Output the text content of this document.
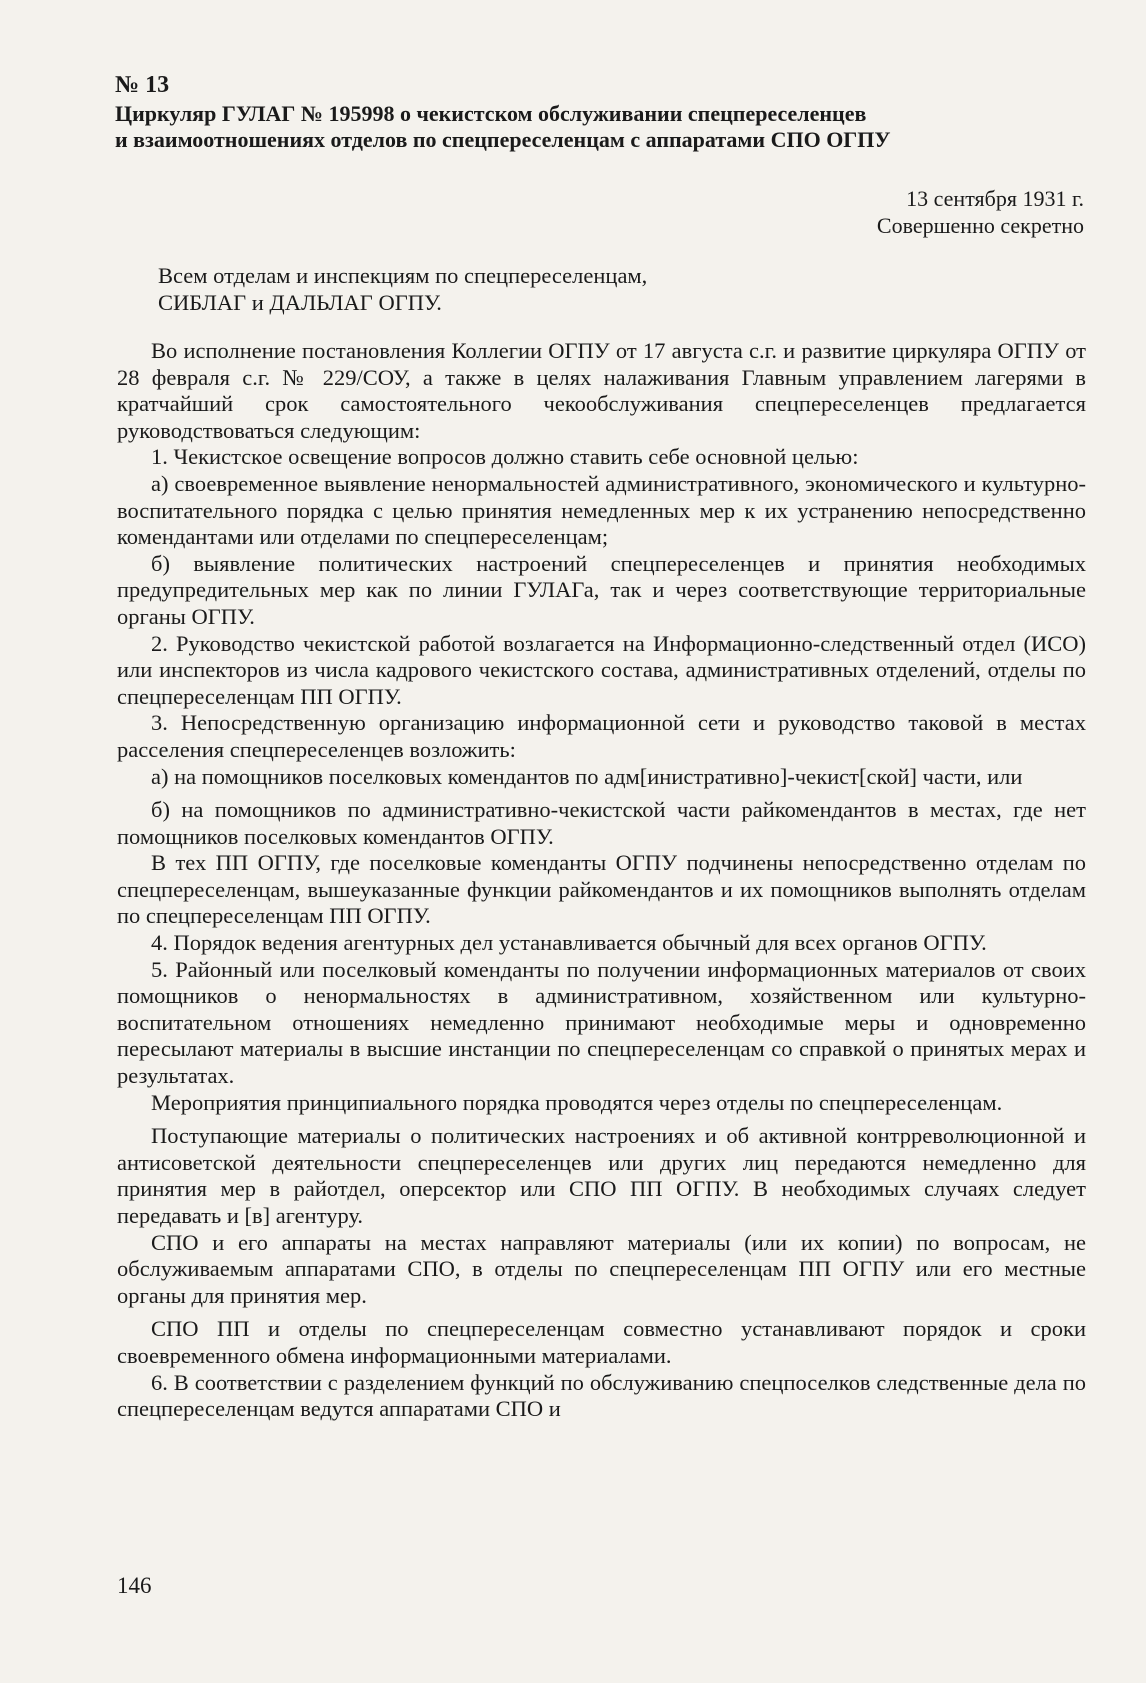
№ 13

Циркуляр ГУЛАГ № 195998 о чекистском обслуживании спецпереселенцев

и взаимоотношениях отделов по спецпереселенцам с аппаратами СПО ОГПУ

13 сентября 1931 г.
Совершенно секретно
Всем отделам и инспекциям по спецпереселенцам,
СИБЛАГ и ДАЛЬЛАГ ОГПУ.

Во исполнение постановления Коллегии ОГПУ от 17 августа с.г. и развитие циркуляра ОГПУ от 28 февраля с.г. № 229/СОУ, а также в целях налаживания Главным управлением лагерями в кратчайший срок самостоятельного чекообслуживания спецпереселенцев предлагается руководствоваться следующим:

1. Чекистское освещение вопросов должно ставить себе основной целью:

а) своевременное выявление ненормальностей административного, экономического и культурно-воспитательного порядка с целью принятия немедленных мер к их устранению непосредственно комендантами или отделами по спецпереселенцам;

б) выявление политических настроений спецпереселенцев и принятия необходимых предупредительных мер как по линии ГУЛАГа, так и через соответствующие территориальные органы ОГПУ.

2. Руководство чекистской работой возлагается на Информационно-следственный отдел (ИСО) или инспекторов из числа кадрового чекистского состава, административных отделений, отделы по спецпереселенцам ПП ОГПУ.

3. Непосредственную организацию информационной сети и руководство таковой в местах расселения спецпереселенцев возложить:

а) на помощников поселковых комендантов по адм[инистративно]-чекист[ской] части, или

б) на помощников по административно-чекистской части райкомендантов в местах, где нет помощников поселковых комендантов ОГПУ.

В тех ПП ОГПУ, где поселковые коменданты ОГПУ подчинены непосредственно отделам по спецпереселенцам, вышеуказанные функции райкомендантов и их помощников выполнять отделам по спецпереселенцам ПП ОГПУ.

4. Порядок ведения агентурных дел устанавливается обычный для всех органов ОГПУ.

5. Районный или поселковый коменданты по получении информационных материалов от своих помощников о ненормальностях в административном, хозяйственном или культурно-воспитательном отношениях немедленно принимают необходимые меры и одновременно пересылают материалы в высшие инстанции по спецпереселенцам со справкой о принятых мерах и результатах.

Мероприятия принципиального порядка проводятся через отделы по спецпереселенцам.

Поступающие материалы о политических настроениях и об активной контрреволюционной и антисоветской деятельности спецпереселенцев или других лиц передаются немедленно для принятия мер в райотдел, оперсектор или СПО ПП ОГПУ. В необходимых случаях следует передавать и [в] агентуру.

СПО и его аппараты на местах направляют материалы (или их копии) по вопросам, не обслуживаемым аппаратами СПО, в отделы по спецпереселенцам ПП ОГПУ или его местные органы для принятия мер.

СПО ПП и отделы по спецпереселенцам совместно устанавливают порядок и сроки своевременного обмена информационными материалами.

6. В соответствии с разделением функций по обслуживанию спецпоселков следственные дела по спецпереселенцам ведутся аппаратами СПО и

146
